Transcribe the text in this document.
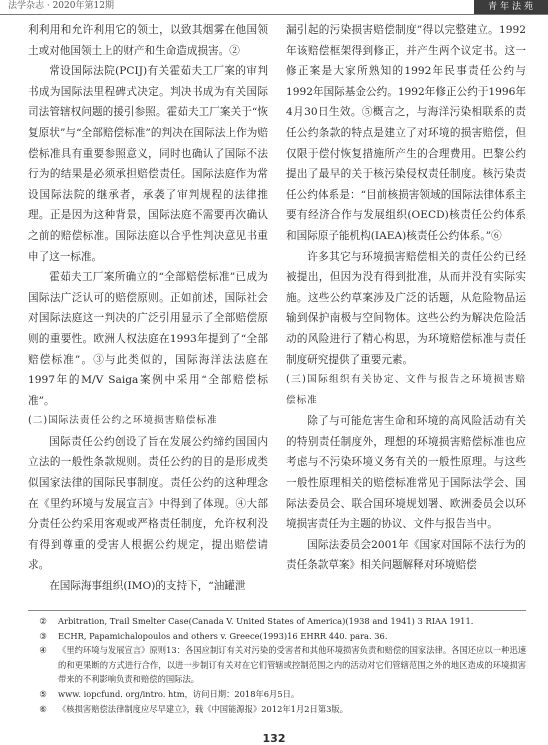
法学杂志 · 2020年第12期	青年法苑

利利用和允许利用它的领土，以致其烟雾在他国领土或对他国领土上的财产和生命造成损害。②

常设国际法院(PCIJ)有关霍茹夫工厂案的审判书成为国际法里程碑式决定。判决书成为有关国际司法管辖权问题的援引参照。霍茹夫工厂案关于“恢复原状”与“全部赔偿标准”的判决在国际法上作为赔偿标准具有重要参照意义，同时也确认了国际不法行为的结果是必须承担赔偿责任。国际法庭作为常设国际法院的继承者，承袭了审判规程的法律推理。正是因为这种背景，国际法庭不需要再次确认之前的赔偿标准。国际法庭以合乎性判决意见书重申了这一标准。

霍茹夫工厂案所确立的“全部赔偿标准”已成为国际法广泛认可的赔偿原则。正如前述，国际社会对国际法庭这一判决的广泛引用显示了全部赔偿原则的重要性。欧洲人权法庭在1993年提到了“全部赔偿标准”。③与此类似的，国际海洋法法庭在1997年的M/V Saiga案例中采用“全部赔偿标准”。

(二)国际法责任公约之环境损害赔偿标准

国际责任公约创设了旨在发展公约缔约国国内立法的一般性条款规则。责任公约的目的是形成类似国家法律的国际民事制度。责任公约的这种理念在《里约环境与发展宣言》中得到了体现。④大部分责任公约采用客观或严格责任制度，允许权利没有得到尊重的受害人根据公约规定，提出赔偿请求。

在国际海事组织(IMO)的支持下，“油罐泄

漏引起的污染损害赔偿制度”得以完整建立。1992年该赔偿框架得到修正，并产生两个议定书。这一修正案是大家所熟知的1992年民事责任公约与1992年国际基金公约。1992年修正公约于1996年4月30日生效。⑤概言之，与海洋污染相联系的责任公约条款的特点是建立了对环境的损害赔偿，但仅限于偿付恢复措施所产生的合理费用。巴黎公约提出了最早的关于核污染侵权责任制度。核污染责任公约体系是：“目前核损害领域的国际法律体系主要有经济合作与发展组织(OECD)核责任公约体系和国际原子能机构(IAEA)核责任公约体系。”⑥

许多其它与环境损害赔偿相关的责任公约已经被提出，但因为没有得到批准，从而并没有实际实施。这些公约草案涉及广泛的话题，从危险物品运输到保护南极与空间物体。这些公约为解决危险活动的风险进行了精心构思，为环境赔偿标准与责任制度研究提供了重要元素。

(三)国际组织有关协定、文件与报告之环境损害赔偿标准

除了与可能危害生命和环境的高风险活动有关的特别责任制度外，理想的环境损害赔偿标准也应考虑与不污染环境义务有关的一般性原理。与这些一般性原理相关的赔偿标准常见于国际法学会、国际法委员会、联合国环境规划署、欧洲委员会以环境损害责任为主题的协议、文件与报告当中。

国际法委员会2001年《国家对国际不法行为的责任条款草案》相关问题解释对环境赔偿

②	Arbitration, Trail Smelter Case(Canada V. United States of America)(1938 and 1941) 3 RIAA 1911.
③	ECHR, Papamichalopoulos and others v. Greece(1993)16 EHRR 440. para. 36.
④	《里约环境与发展宣言》原则13：各国应制订有关对污染的受害者和其他环境损害负责和赔偿的国家法律。各国还应以一种迅速的和更果断的方式进行合作，以进一步制订有关对在它们管辖或控制范围之内的活动对它们管辖范围之外的地区造成的环境损害带来的不利影响负责和赔偿的国际法。
⑤	www. iopcfund. org/intro. htm，访问日期：2018年6月5日。
⑥	《核损害赔偿法律制度应尽早建立》，载《中国能源报》2012年1月2日第3版。
132
